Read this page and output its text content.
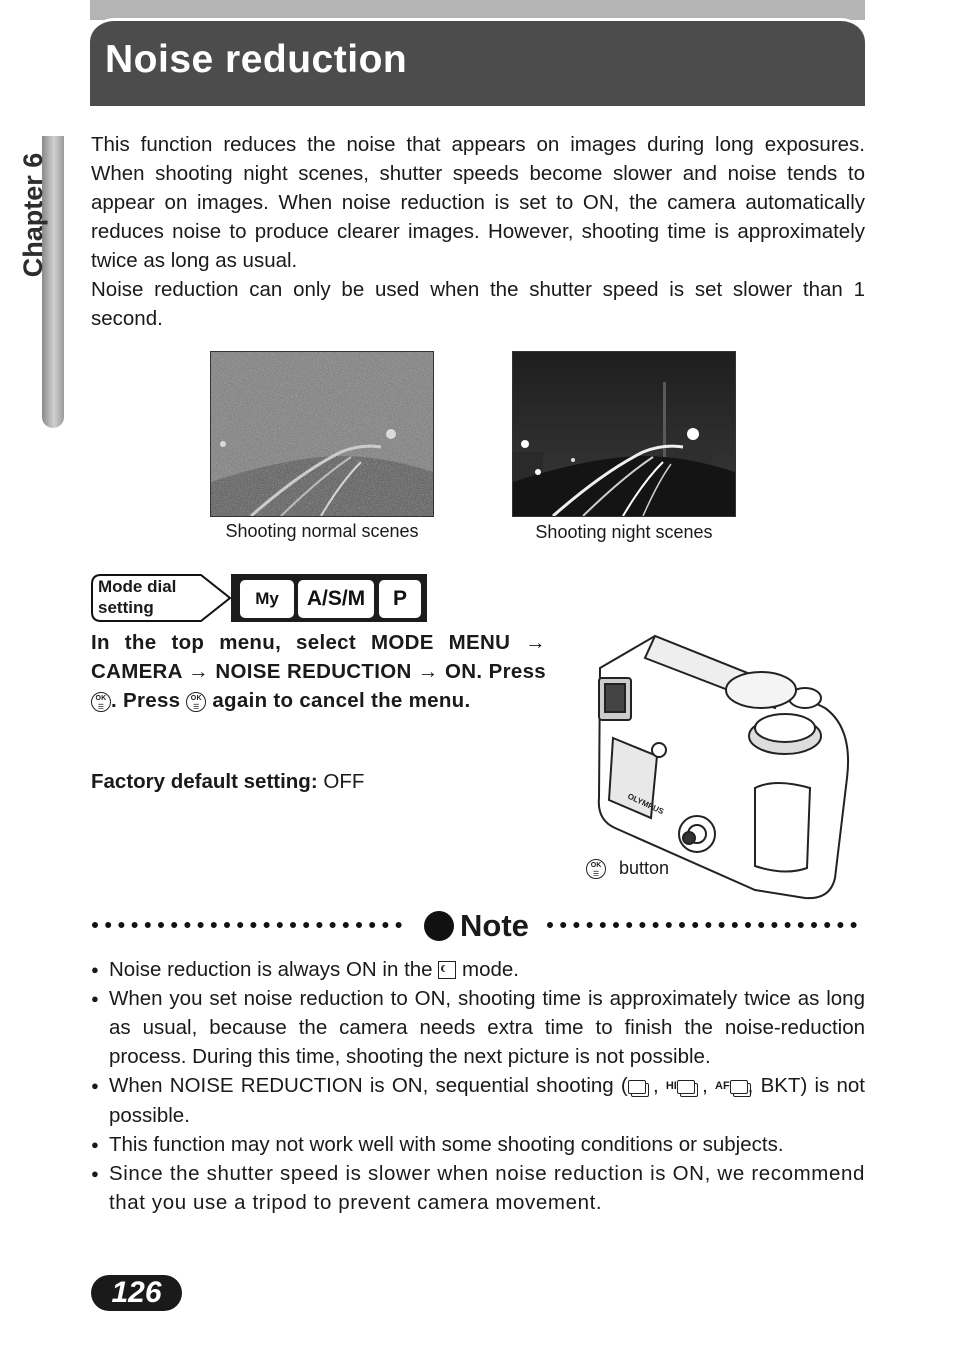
Noise reduction
Chapter 6

This function reduces the noise that appears on images during long exposures. When shooting night scenes, shutter speeds become slower and noise tends to appear on images. When noise reduction is set to ON, the camera automatically reduces noise to produce clearer images. However, shooting time is approximately twice as long as usual.

Noise reduction can only be used when the shutter speed is set slower than 1 second.

Shooting normal scenes	Shooting night scenes
Mode dial
setting	My	A/S/M	P
In the top menu, select MODE MENU → CAMERA → NOISE REDUCTION → ON. Press OK
☰ . Press OK
☰ again to cancel the menu.
Factory default setting: OFF
OLYMPUS
OK
☰ button
Note
● Noise reduction is always ON in the mode.
● When you set noise reduction to ON, shooting time is approximately twice as long as usual, because the camera needs extra time to finish the noise-reduction process. During this time, shooting the next picture is not possible.
● When NOISE REDUCTION is ON, sequential shooting ( , HI , AF , BKT) is not possible.
● This function may not work well with some shooting conditions or subjects.
● Since the shutter speed is slower when noise reduction is ON, we recommend that you use a tripod to prevent camera movement.
126
